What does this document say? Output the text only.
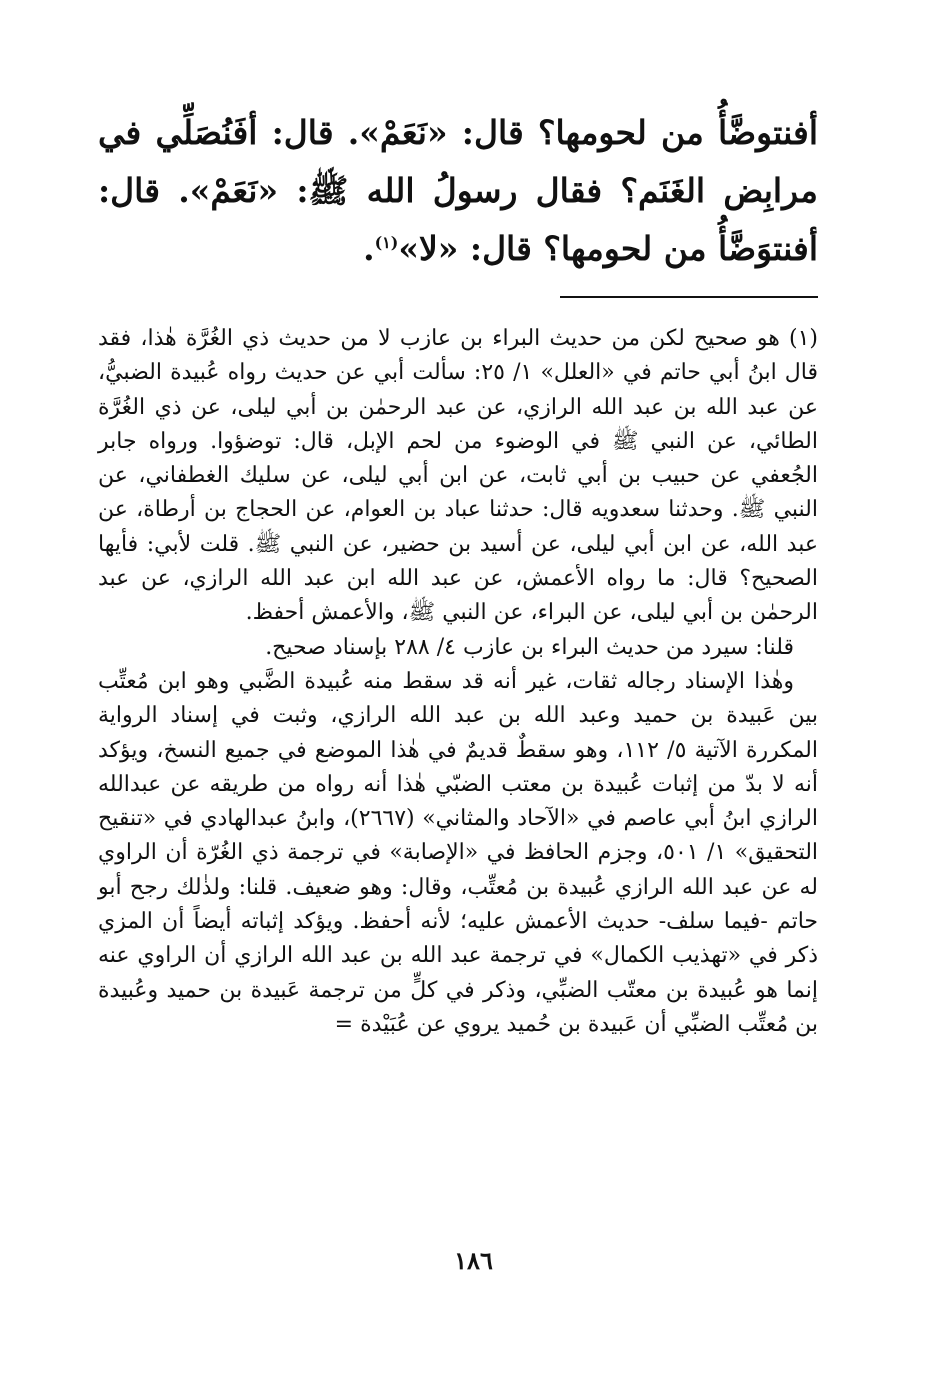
أفنتوضَّأُ من لحومها؟ قال: «نَعَمْ». قال: أفَنُصَلِّي في مرابِض الغَنَم؟ فقال رسولُ الله ﷺ: «نَعَمْ». قال: أفنتوَضَّأُ من لحومها؟ قال: «لا»$^{(١)}$.

(١) هو صحيح لكن من حديث البراء بن عازب لا من حديث ذي الغُرَّة هٰذا، فقد قال ابنُ أبي حاتم في «العلل» ١/ ٢٥: سألت أبي عن حديث رواه عُبيدة الضبيُّ، عن عبد الله بن عبد الله الرازي، عن عبد الرحمٰن بن أبي ليلى، عن ذي الغُرَّة الطائي، عن النبي ﷺ في الوضوء من لحم الإبل، قال: توضؤوا. ورواه جابر الجُعفي عن حبيب بن أبي ثابت، عن ابن أبي ليلى، عن سليك الغطفاني، عن النبي ﷺ. وحدثنا سعدويه قال: حدثنا عباد بن العوام، عن الحجاج بن أرطاة، عن عبد الله، عن ابن أبي ليلى، عن أسيد بن حضير، عن النبي ﷺ. قلت لأبي: فأيها الصحيح؟ قال: ما رواه الأعمش، عن عبد الله ابن عبد الله الرازي، عن عبد الرحمٰن بن أبي ليلى، عن البراء، عن النبي ﷺ، والأعمش أحفظ.

قلنا: سيرد من حديث البراء بن عازب ٤/ ٢٨٨ بإسناد صحيح.

وهٰذا الإسناد رجاله ثقات، غير أنه قد سقط منه عُبيدة الضَّبي وهو ابن مُعتِّب بين عَبيدة بن حميد وعبد الله بن عبد الله الرازي، وثبت في إسناد الرواية المكررة الآتية ٥/ ١١٢، وهو سقطٌ قديمٌ في هٰذا الموضع في جميع النسخ، ويؤكد أنه لا بدّ من إثبات عُبيدة بن معتب الضبّي هٰذا أنه رواه من طريقه عن عبدالله الرازي ابنُ أبي عاصم في «الآحاد والمثاني» (٢٦٦٧)، وابنُ عبدالهادي في «تنقيح التحقيق» ١/ ٥٠١، وجزم الحافظ في «الإصابة» في ترجمة ذي الغُرّة أن الراوي له عن عبد الله الرازي عُبيدة بن مُعتِّب، وقال: وهو ضعيف. قلنا: ولذٰلك رجح أبو حاتم -فيما سلف- حديث الأعمش عليه؛ لأنه أحفظ. ويؤكد إثباته أيضاً أن المزي ذكر في «تهذيب الكمال» في ترجمة عبد الله بن عبد الله الرازي أن الراوي عنه إنما هو عُبيدة بن معتّب الضبِّي، وذكر في كلٍّ من ترجمة عَبيدة بن حميد وعُبيدة بن مُعتِّب الضبِّي أن عَبيدة بن حُميد يروي عن عُبَيْدة =

١٨٦
